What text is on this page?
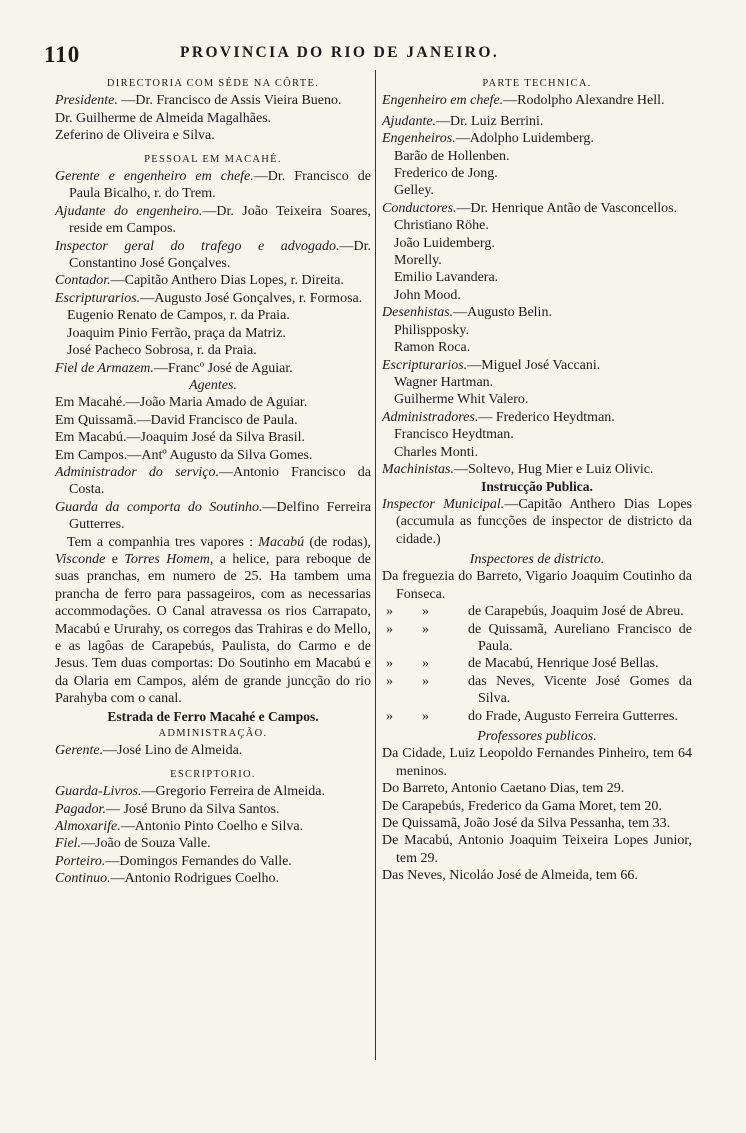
110	PROVINCIA DO RIO DE JANEIRO.

DIRECTORIA COM SÉDE NA CÔRTE.

Presidente. —Dr. Francisco de Assis Vieira Bueno.

Dr. Guilherme de Almeida Magalhães.

Zeferino de Oliveira e Silva.

PESSOAL EM MACAHÉ.

Gerente e engenheiro em chefe.—Dr. Francisco de Paula Bicalho, r. do Trem.

Ajudante do engenheiro.—Dr. João Teixeira Soares, reside em Campos.

Inspector geral do trafego e advogado.—Dr. Constantino José Gonçalves.

Contador.—Capitão Anthero Dias Lopes, r. Direita.

Escripturarios.—Augusto José Gonçalves, r. Formosa.

Eugenio Renato de Campos, r. da Praia.

Joaquim Pinio Ferrão, praça da Matriz.

José Pacheco Sobrosa, r. da Praia.

Fiel de Armazem.—Francº José de Aguiar.

Agentes.

Em Macahé.—João Maria Amado de Aguiar.

Em Quissamã.—David Francisco de Paula.

Em Macabú.—Joaquim José da Silva Brasil.

Em Campos.—Antº Augusto da Silva Gomes.

Administrador do serviço.—Antonio Francisco da Costa.

Guarda da comporta do Soutinho.—Delfino Ferreira Gutterres.

Tem a companhia tres vapores : Macabú (de rodas), Visconde e Torres Homem, a helice, para reboque de suas pranchas, em numero de 25. Ha tambem uma prancha de ferro para passageiros, com as necessarias accommodações. O Canal atravessa os rios Carrapato, Macabú e Ururahy, os corregos das Trahiras e do Mello, e as lagôas de Carapebús, Paulista, do Carmo e de Jesus. Tem duas comportas: Do Soutinho em Macabú e da Olaria em Campos, além de grande juncção do rio Parahyba com o canal.

Estrada de Ferro Macahé e Campos.

ADMINISTRAÇÃO.

Gerente.—José Lino de Almeida.

ESCRIPTORIO.

Guarda-Livros.—Gregorio Ferreira de Almeida.

Pagador.— José Bruno da Silva Santos.

Almoxarife.—Antonio Pinto Coelho e Silva.

Fiel.—João de Souza Valle.

Porteiro.—Domingos Fernandes do Valle.

Continuo.—Antonio Rodrigues Coelho.

PARTE TECHNICA.

Engenheiro em chefe.—Rodolpho Alexandre Hell.

Ajudante.—Dr. Luiz Berrini.

Engenheiros.—Adolpho Luidemberg.

Barão de Hollenben.

Frederico de Jong.

Gelley.

Conductores.—Dr. Henrique Antão de Vasconcellos.

Christiano Röhe.

João Luidemberg.

Morelly.

Emilio Lavandera.

John Mood.

Desenhistas.—Augusto Belin.

Philispposky.

Ramon Roca.

Escripturarios.—Miguel José Vaccani.

Wagner Hartman.

Guilherme Whit Valero.

Administradores.— Frederico Heydtman.

Francisco Heydtman.

Charles Monti.

Machinistas.—Soltevo, Hug Mier e Luiz Olivic.

Instrucção Publica.

Inspector Municipal.—Capitão Anthero Dias Lopes (accumula as funcções de inspector de districto da cidade.)

Inspectores de districto.

Da freguezia do Barreto, Vigario Joaquim Coutinho da Fonseca.

»	»	de Carapebús, Joaquim José de Abreu.
»	»	de Quissamã, Aureliano Francisco de Paula.
»	»	de Macabú, Henrique José Bellas.
»	»	das Neves, Vicente José Gomes da Silva.
»	»	do Frade, Augusto Ferreira Gutterres.

Professores publicos.

Da Cidade, Luiz Leopoldo Fernandes Pinheiro, tem 64 meninos.

Do Barreto, Antonio Caetano Dias, tem 29.

De Carapebús, Frederico da Gama Moret, tem 20.

De Quissamã, João José da Silva Pessanha, tem 33.

De Macabú, Antonio Joaquim Teixeira Lopes Junior, tem 29.

Das Neves, Nicoláo José de Almeida, tem 66.
